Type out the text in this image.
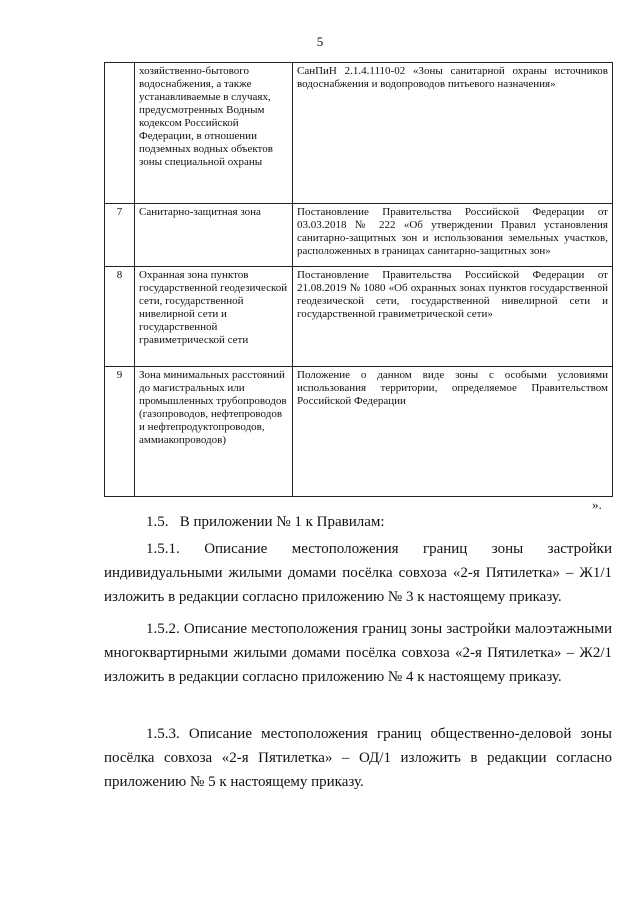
5
	хозяйственно-бытового водоснабжения, а также устанавливаемые в случаях, предусмотренных Водным кодексом Российской Федерации, в отношении подземных водных объектов зоны специальной охраны	СанПиН 2.1.4.1110-02 «Зоны санитарной охраны источников водоснабжения и водопроводов питьевого назначения»
7	Санитарно-защитная зона	Постановление Правительства Российской Федерации от 03.03.2018 № 222 «Об утверждении Правил установления санитарно-защитных зон и использования земельных участков, расположенных в границах санитарно-защитных зон»
8	Охранная зона пунктов государственной геодезической сети, государственной нивелирной сети и государственной гравиметрической сети	Постановление Правительства Российской Федерации от 21.08.2019 № 1080 «Об охранных зонах пунктов государственной геодезической сети, государственной нивелирной сети и государственной гравиметрической сети»
9	Зона минимальных расстояний до магистральных или промышленных трубопроводов (газопроводов, нефтепроводов и нефтепродуктопроводов, аммиакопроводов)	Положение о данном виде зоны с особыми условиями использования территории, определяемое Правительством Российской Федерации
».
1.5.   В приложении № 1 к Правилам:
1.5.1. Описание местоположения границ зоны застройки индивидуальными жилыми домами посёлка совхоза «2-я Пятилетка» – Ж1/1 изложить в редакции согласно приложению № 3 к настоящему приказу.
1.5.2. Описание местоположения границ зоны застройки малоэтажными многоквартирными жилыми домами посёлка совхоза «2-я Пятилетка» – Ж2/1 изложить в редакции согласно приложению № 4 к настоящему приказу.
1.5.3. Описание местоположения границ общественно-деловой зоны посёлка совхоза «2-я Пятилетка» – ОД/1 изложить в редакции согласно приложению № 5 к настоящему приказу.
